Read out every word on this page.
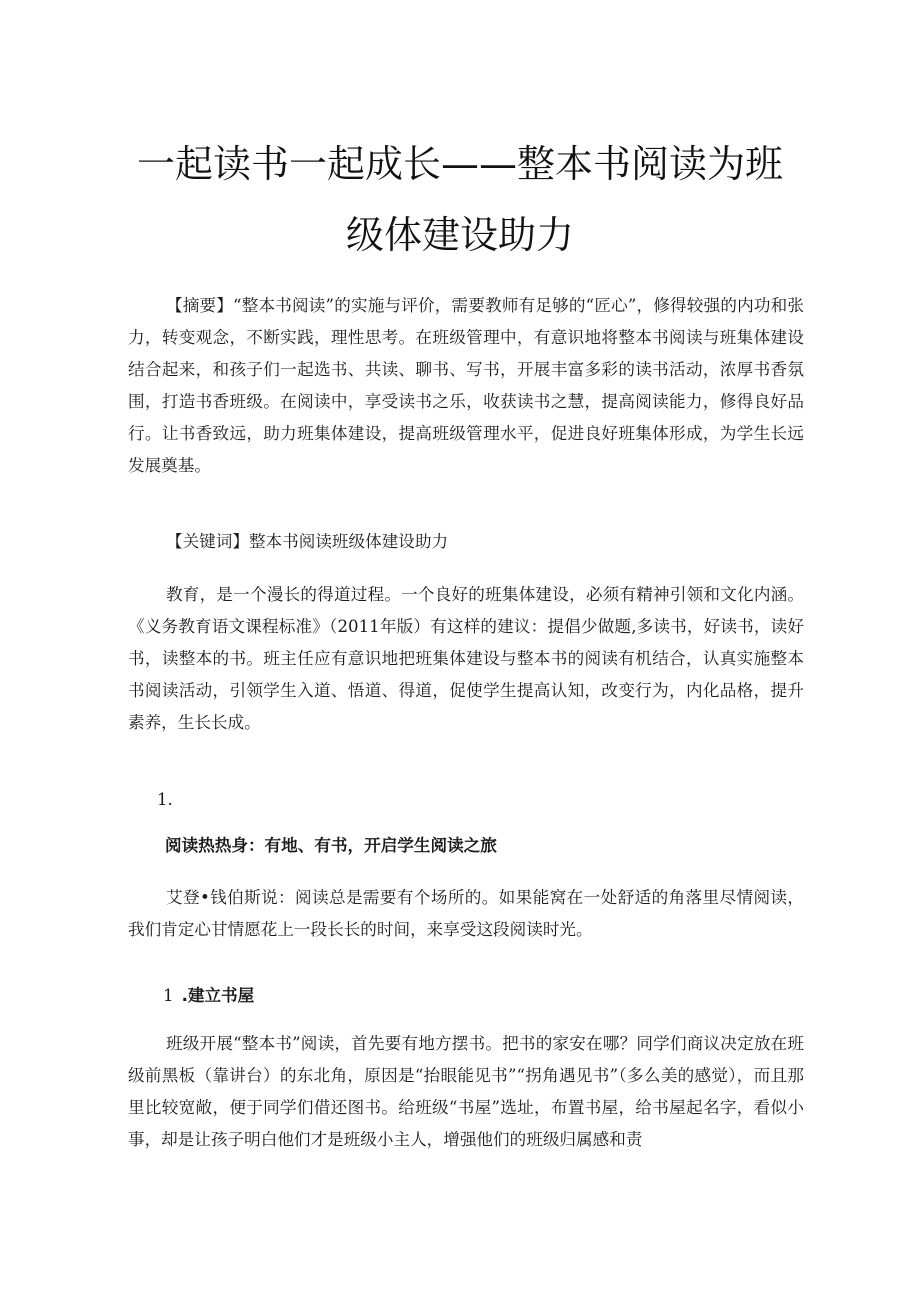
一起读书一起成长——整本书阅读为班
级体建设助力

【摘要】“整本书阅读”的实施与评价，需要教师有足够的“匠心”，修得较强的内功和张力，转变观念，不断实践，理性思考。在班级管理中，有意识地将整本书阅读与班集体建设结合起来，和孩子们一起选书、共读、聊书、写书，开展丰富多彩的读书活动，浓厚书香氛围，打造书香班级。在阅读中，享受读书之乐，收获读书之慧，提高阅读能力，修得良好品行。让书香致远，助力班集体建设，提高班级管理水平，促进良好班集体形成，为学生长远发展奠基。

【关键词】整本书阅读班级体建设助力

教育，是一个漫长的得道过程。一个良好的班集体建设，必须有精神引领和文化内涵。《义务教育语文课程标准》（2011年版）有这样的建议：提倡少做题,多读书，好读书，读好书，读整本的书。班主任应有意识地把班集体建设与整本书的阅读有机结合，认真实施整本书阅读活动，引领学生入道、悟道、得道，促使学生提高认知，改变行为，内化品格，提升素养，生长长成。

1.

阅读热热身：有地、有书，开启学生阅读之旅

艾登•钱伯斯说：阅读总是需要有个场所的。如果能窝在一处舒适的角落里尽情阅读，我们肯定心甘情愿花上一段长长的时间，来享受这段阅读时光。

1 .建立书屋

班级开展“整本书”阅读，首先要有地方摆书。把书的家安在哪？同学们商议决定放在班级前黑板（靠讲台）的东北角，原因是“抬眼能见书”“拐角遇见书”（多么美的感觉），而且那里比较宽敞，便于同学们借还图书。给班级“书屋”选址，布置书屋，给书屋起名字，看似小事，却是让孩子明白他们才是班级小主人，增强他们的班级归属感和责
